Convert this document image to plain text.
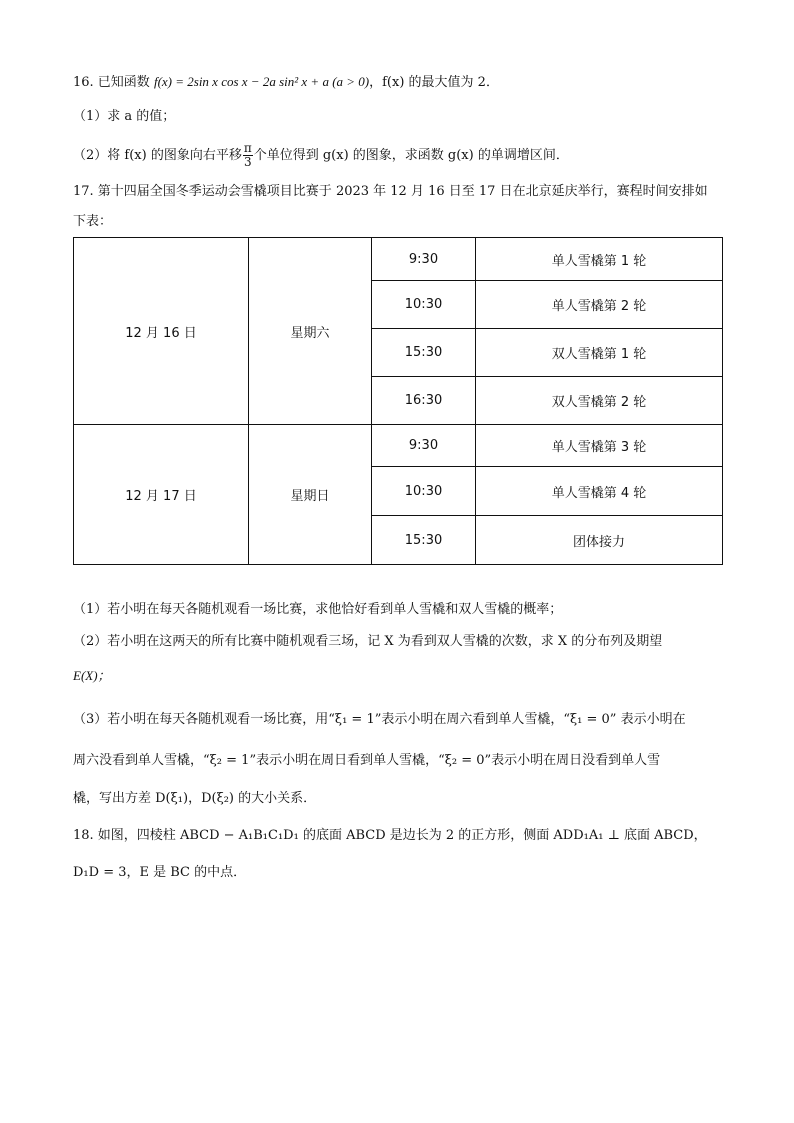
16. 已知函数 f(x) = 2sin x cos x − 2a sin² x + a (a > 0)，f(x) 的最大值为 2．
（1）求 a 的值；
（2）将 f(x) 的图象向右平移 $\frac{\pi}{3}$ 个单位得到 g(x) 的图象，求函数 g(x) 的单调增区间．
17. 第十四届全国冬季运动会雪橇项目比赛于 2023 年 12 月 16 日至 17 日在北京延庆举行，赛程时间安排如
下表：
12 月 16 日	星期六	9:30	单人雪橇第 1 轮
		10:30	单人雪橇第 2 轮
		15:30	双人雪橇第 1 轮
		16:30	双人雪橇第 2 轮
12 月 17 日	星期日	9:30	单人雪橇第 3 轮
		10:30	单人雪橇第 4 轮
		15:30	团体接力
（1）若小明在每天各随机观看一场比赛，求他恰好看到单人雪橇和双人雪橇的概率；
（2）若小明在这两天的所有比赛中随机观看三场，记 X 为看到双人雪橇的次数，求 X 的分布列及期望
E(X)；
（3）若小明在每天各随机观看一场比赛，用“ξ₁ = 1”表示小明在周六看到单人雪橇，“ξ₁ = 0” 表示小明在
周六没看到单人雪橇，“ξ₂ = 1”表示小明在周日看到单人雪橇，“ξ₂ = 0”表示小明在周日没看到单人雪
橇，写出方差 D(ξ₁)，D(ξ₂) 的大小关系．
18. 如图，四棱柱 ABCD − A₁B₁C₁D₁ 的底面 ABCD 是边长为 2 的正方形，侧面 ADD₁A₁ ⊥ 底面 ABCD，
D₁D = 3，E 是 BC 的中点．
